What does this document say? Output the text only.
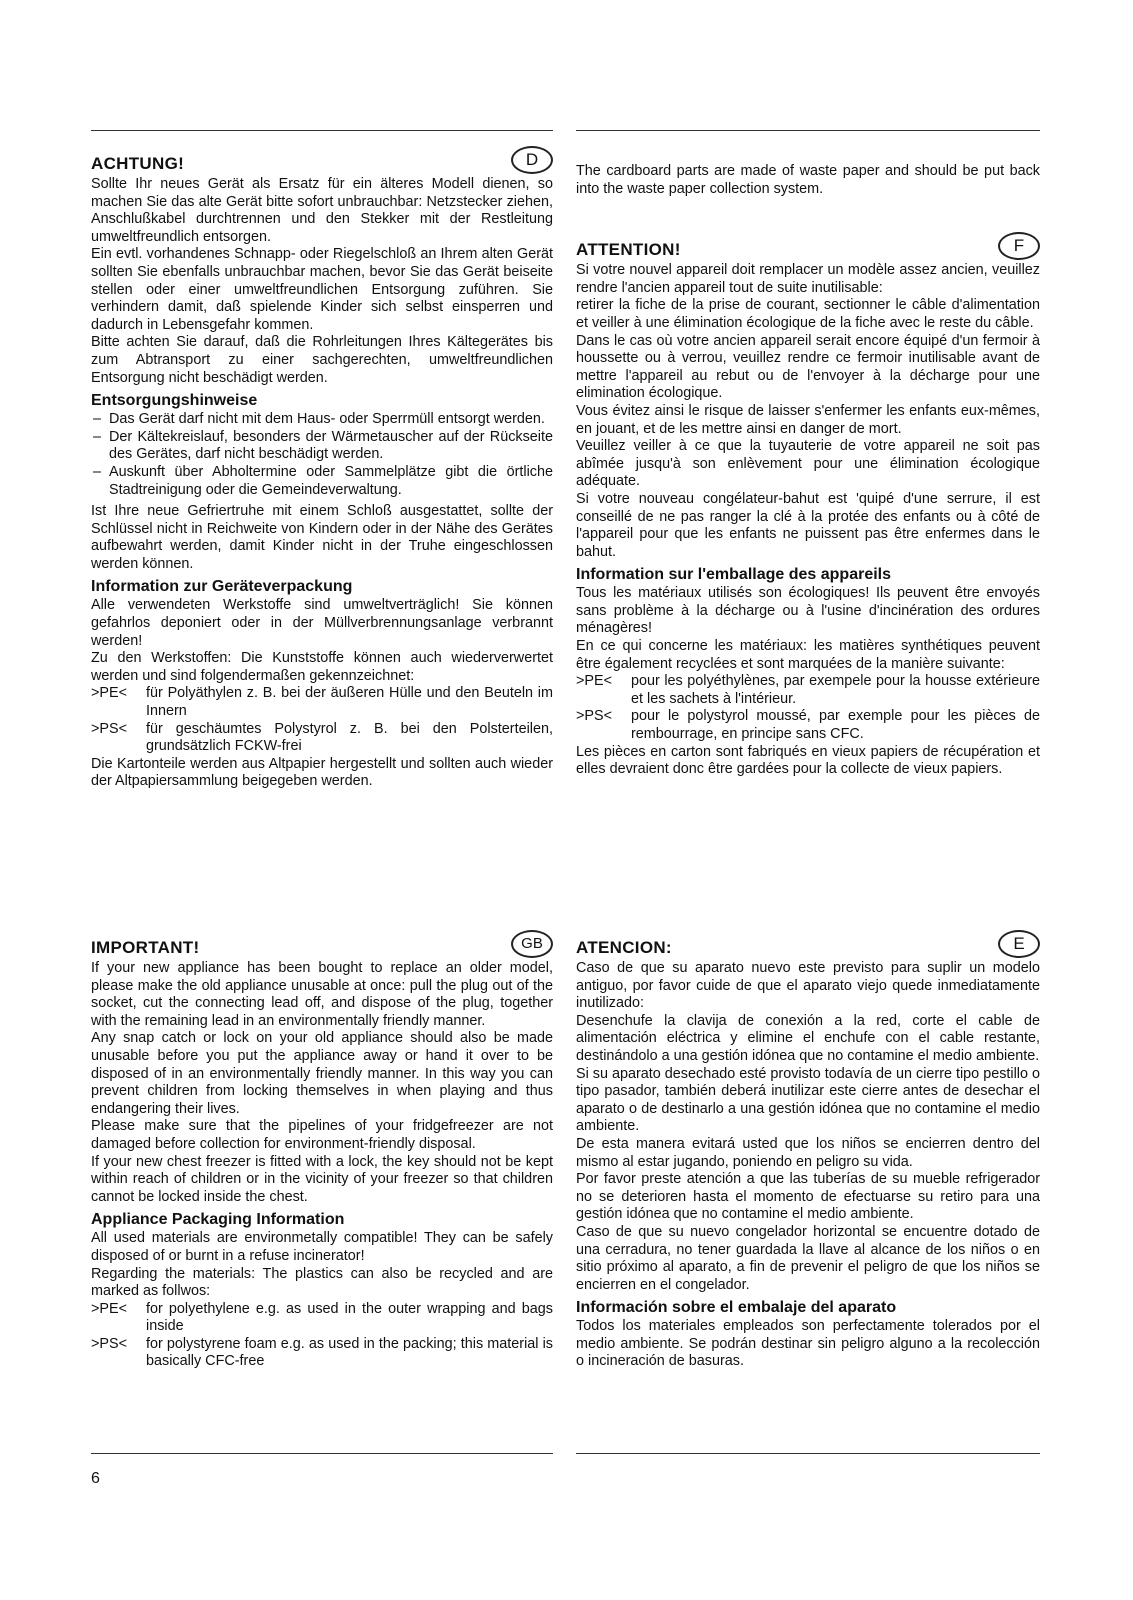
ACHTUNG!	D

Sollte Ihr neues Gerät als Ersatz für ein älteres Modell dienen, so machen Sie das alte Gerät bitte sofort unbrauchbar: Netzstecker ziehen, Anschlußkabel durchtrennen und den Stekker mit der Restleitung umweltfreundlich entsorgen.

Ein evtl. vorhandenes Schnapp- oder Riegelschloß an Ihrem alten Gerät sollten Sie ebenfalls unbrauchbar machen, bevor Sie das Gerät beiseite stellen oder einer umweltfreundlichen Entsorgung zuführen. Sie verhindern damit, daß spielende Kinder sich selbst einsperren und dadurch in Lebensgefahr kommen.

Bitte achten Sie darauf, daß die Rohrleitungen Ihres Kältegerätes bis zum Abtransport zu einer sachgerechten, umweltfreundlichen Entsorgung nicht beschädigt werden.

Entsorgungshinweise
– Das Gerät darf nicht mit dem Haus- oder Sperrmüll entsorgt werden.
– Der Kältekreislauf, besonders der Wärmetauscher auf der Rückseite des Gerätes, darf nicht beschädigt werden.
– Auskunft über Abholtermine oder Sammelplätze gibt die örtliche Stadtreinigung oder die Gemeindeverwaltung.

Ist Ihre neue Gefriertruhe mit einem Schloß ausgestattet, sollte der Schlüssel nicht in Reichweite von Kindern oder in der Nähe des Gerätes aufbewahrt werden, damit Kinder nicht in der Truhe eingeschlossen werden können.

Information zur Geräteverpackung

Alle verwendeten Werkstoffe sind umweltverträglich! Sie können gefahrlos deponiert oder in der Müllverbrennungsanlage verbrannt werden!

Zu den Werkstoffen: Die Kunststoffe können auch wiederverwertet werden und sind folgendermaßen gekennzeichnet:

>PE< für Polyäthylen z. B. bei der äußeren Hülle und den Beuteln im Innern
>PS< für geschäumtes Polystyrol z. B. bei den Polsterteilen, grundsätzlich FCKW-frei

Die Kartonteile werden aus Altpapier hergestellt und sollten auch wieder der Altpapiersammlung beigegeben werden.

The cardboard parts are made of waste paper and should be put back into the waste paper collection system.

ATTENTION!	F

Si votre nouvel appareil doit remplacer un modèle assez ancien, veuillez rendre l'ancien appareil tout de suite inutilisable:

retirer la fiche de la prise de courant, sectionner le câble d'alimentation et veiller à une élimination écologique de la fiche avec le reste du câble.

Dans le cas où votre ancien appareil serait encore équipé d'un fermoir à houssette ou à verrou, veuillez rendre ce fermoir inutilisable avant de mettre l'appareil au rebut ou de l'envoyer à la décharge pour une elimination écologique.

Vous évitez ainsi le risque de laisser s'enfermer les enfants eux-mêmes, en jouant, et de les mettre ainsi en danger de mort.

Veuillez veiller à ce que la tuyauterie de votre appareil ne soit pas abîmée jusqu'à son enlèvement pour une élimination écologique adéquate.

Si votre nouveau congélateur-bahut est 'quipé d'une serrure, il est conseillé de ne pas ranger la clé à la protée des enfants ou à côté de l'appareil pour que les enfants ne puissent pas être enfermes dans le bahut.

Information sur l'emballage des appareils

Tous les matériaux utilisés son écologiques! Ils peuvent être envoyés sans problème à la décharge ou à l'usine d'incinération des ordures ménagères!

En ce qui concerne les matériaux: les matières synthétiques peuvent être également recyclées et sont marquées de la manière suivante:

>PE< pour les polyéthylènes, par exempele pour la housse extérieure et les sachets à l'intérieur.
>PS< pour le polystyrol moussé, par exemple pour les pièces de rembourrage, en principe sans CFC.

Les pièces en carton sont fabriqués en vieux papiers de récupération et elles devraient donc être gardées pour la collecte de vieux papiers.

IMPORTANT!	GB

If your new appliance has been bought to replace an older model, please make the old appliance unusable at once: pull the plug out of the socket, cut the connecting lead off, and dispose of the plug, together with the remaining lead in an environmentally friendly manner.

Any snap catch or lock on your old appliance should also be made unusable before you put the appliance away or hand it over to be disposed of in an environmentally friendly manner. In this way you can prevent children from locking themselves in when playing and thus endangering their lives.

Please make sure that the pipelines of your fridgefreezer are not damaged before collection for environment-friendly disposal.

If your new chest freezer is fitted with a lock, the key should not be kept within reach of children or in the vicinity of your freezer so that children cannot be locked inside the chest.

Appliance Packaging Information

All used materials are environmetally compatible! They can be safely disposed of or burnt in a refuse incinerator!

Regarding the materials: The plastics can also be recycled and are marked as follwos:

>PE< for polyethylene e.g. as used in the outer wrapping and bags inside
>PS< for polystyrene foam e.g. as used in the packing; this material is basically CFC-free
ATENCION:	E

Caso de que su aparato nuevo este previsto para suplir un modelo antiguo, por favor cuide de que el aparato viejo quede inmediatamente inutilizado:

Desenchufe la clavija de conexión a la red, corte el cable de alimentación eléctrica y elimine el enchufe con el cable restante, destinándolo a una gestión idónea que no contamine el medio ambiente.

Si su aparato desechado esté provisto todavía de un cierre tipo pestillo o tipo pasador, también deberá inutilizar este cierre antes de desechar el aparato o de destinarlo a una gestión idónea que no contamine el medio ambiente.

De esta manera evitará usted que los niños se encierren dentro del mismo al estar jugando, poniendo en peligro su vida.

Por favor preste atención a que las tuberías de su mueble refrigerador no se deterioren hasta el momento de efectuarse su retiro para una gestión idónea que no contamine el medio ambiente.

Caso de que su nuevo congelador horizontal se encuentre dotado de una cerradura, no tener guardada la llave al alcance de los niños o en sitio próximo al aparato, a fin de prevenir el peligro de que los niños se encierren en el congelador.

Información sobre el embalaje del aparato

Todos los materiales empleados son perfectamente tolerados por el medio ambiente. Se podrán destinar sin peligro alguno a la recolección o incineración de basuras.

6
